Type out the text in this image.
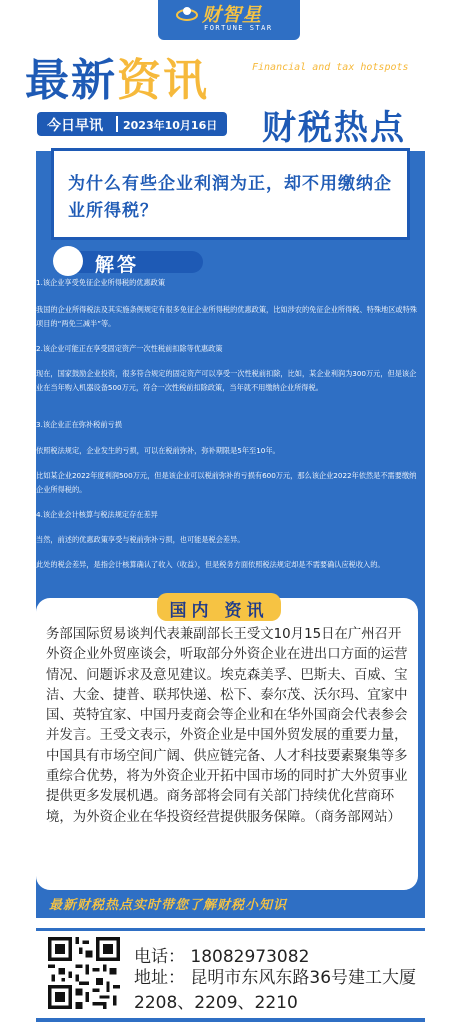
财智星
FORTUNE STAR
最新资讯	Financial and tax hotspots
今日早讯 2023年10月16日 财税热点
为什么有些企业利润为正，却不用缴纳企业所得税？
解答

1.该企业享受免征企业所得税的优惠政策

我国的企业所得税法及其实施条例规定有很多免征企业所得税的优惠政策，比如涉农的免征企业所得税、特殊地区或特殊项目的“两免三减半”等。

2.该企业可能正在享受固定资产一次性税前扣除等优惠政策

现在，国家鼓励企业投资，很多符合规定的固定资产可以享受一次性税前扣除，比如，某企业利润为300万元，但是该企业在当年购入机器设备500万元，符合一次性税前扣除政策，当年就不用缴纳企业所得税。

3.该企业正在弥补税前亏损

依照税法规定，企业发生的亏损，可以在税前弥补，弥补期限是5年至10年。

比如某企业2022年度利润500万元，但是该企业可以税前弥补的亏损有600万元，那么该企业2022年依然是不需要缴纳企业所得税的。

4.该企业会计核算与税法规定存在差异

当然，前述的优惠政策享受与税前弥补亏损，也可能是税会差异。

此处的税会差异，是指会计核算确认了收入（收益），但是税务方面依照税法规定却是不需要确认应税收入的。

国内 资讯
务部国际贸易谈判代表兼副部长王受文10月15日在广州召开外资企业外贸座谈会，听取部分外资企业在进出口方面的运营情况、问题诉求及意见建议。埃克森美孚、巴斯夫、百威、宝洁、大金、捷普、联邦快递、松下、泰尔茂、沃尔玛、宜家中国、英特宜家、中国丹麦商会等企业和在华外国商会代表参会并发言。王受文表示，外资企业是中国外贸发展的重要力量，中国具有市场空间广阔、供应链完备、人才科技要素聚集等多重综合优势，将为外资企业开拓中国市场的同时扩大外贸事业提供更多发展机遇。商务部将会同有关部门持续优化营商环境，为外资企业在华投资经营提供服务保障。（商务部网站）
最新财税热点实时带您了解财税小知识
电话： 18082973082
地址： 昆明市东风东路36号建工大厦2208、2209、2210
